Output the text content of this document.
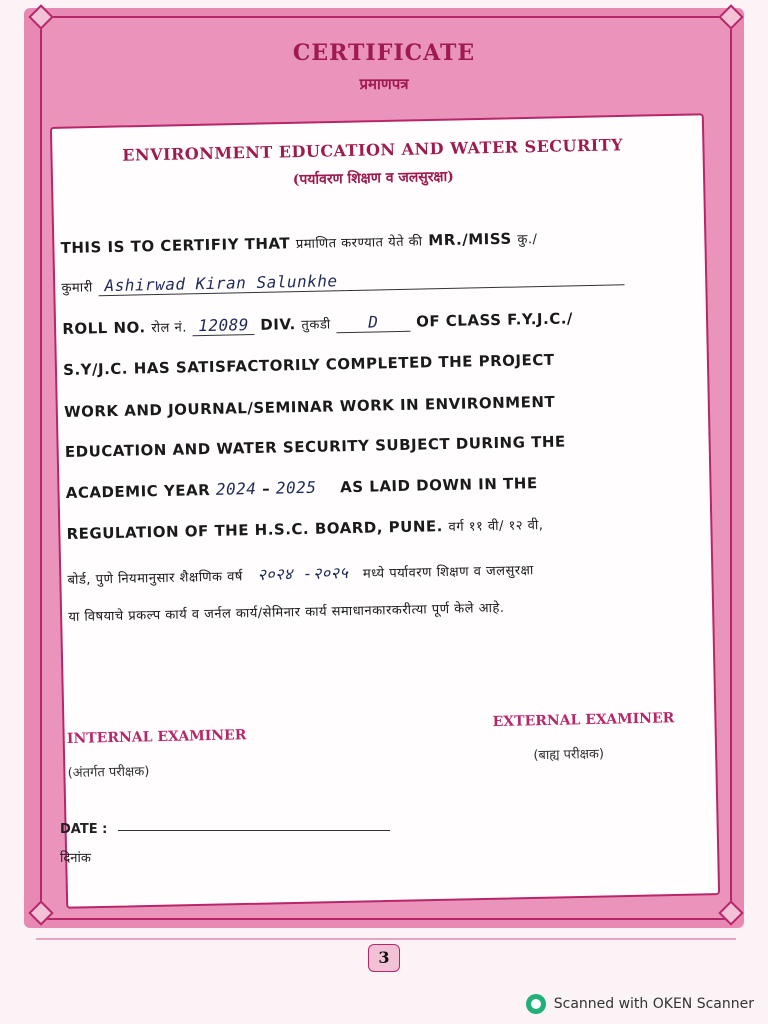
CERTIFICATE
प्रमाणपत्र
ENVIRONMENT EDUCATION AND WATER SECURITY
(पर्यावरण शिक्षण व जलसुरक्षा)
THIS IS TO CERTIFIY THAT प्रमाणित करण्यात येते की MR./MISS कु./
कुमारी Ashirwad Kiran Salunkhe
ROLL NO. रोल नं. 12089 DIV. तुकडी D OF CLASS F.Y.J.C./
S.Y/J.C. HAS SATISFACTORILY COMPLETED THE PROJECT
WORK AND JOURNAL/SEMINAR WORK IN ENVIRONMENT
EDUCATION AND WATER SECURITY SUBJECT DURING THE
ACADEMIC YEAR 2024 – 2025 AS LAID DOWN IN THE
REGULATION OF THE H.S.C. BOARD, PUNE. वर्ग ११ वी/ १२ वी,
बोर्ड, पुणे नियमानुसार शैक्षणिक वर्ष २०२४ -२०२५ मध्ये पर्यावरण शिक्षण व जलसुरक्षा
या विषयाचे प्रकल्प कार्य व जर्नल कार्य/सेमिनार कार्य समाधानकारकरीत्या पूर्ण केले आहे.
INTERNAL EXAMINER
(अंतर्गत परीक्षक)
EXTERNAL EXAMINER
(बाह्य परीक्षक)
DATE :
दिनांक
3
Scanned with OKEN Scanner
